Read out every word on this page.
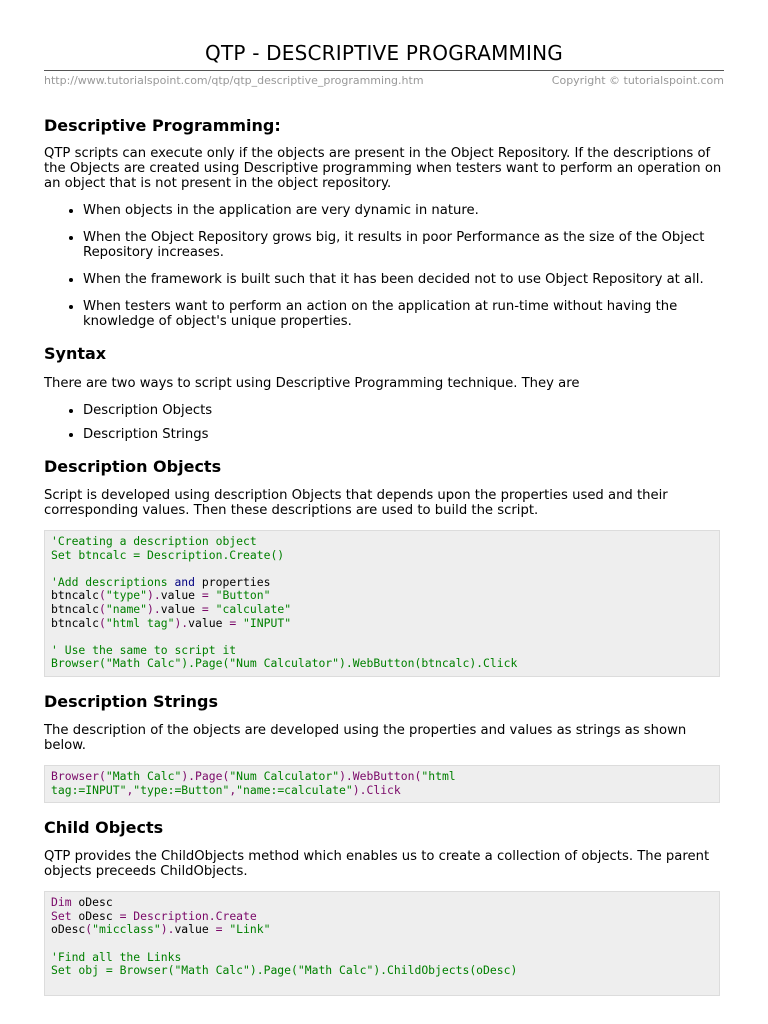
QTP - DESCRIPTIVE PROGRAMMING
http://www.tutorialspoint.com/qtp/qtp_descriptive_programming.htm	Copyright © tutorialspoint.com
Descriptive Programming:

QTP scripts can execute only if the objects are present in the Object Repository. If the descriptions of the Objects are created using Descriptive programming when testers want to perform an operation on an object that is not present in the object repository.

• When objects in the application are very dynamic in nature.
• When the Object Repository grows big, it results in poor Performance as the size of the Object Repository increases.
• When the framework is built such that it has been decided not to use Object Repository at all.
• When testers want to perform an action on the application at run-time without having the knowledge of object's unique properties.
Syntax

There are two ways to script using Descriptive Programming technique. They are

• Description Objects
• Description Strings
Description Objects

Script is developed using description Objects that depends upon the properties used and their corresponding values. Then these descriptions are used to build the script.

'Creating a description object
Set btncalc = Description.Create()

'Add descriptions and properties
btncalc("type").value = "Button"
btncalc("name").value = "calculate"
btncalc("html tag").value = "INPUT"

' Use the same to script it
Browser("Math Calc").Page("Num Calculator").WebButton(btncalc).Click
Description Strings

The description of the objects are developed using the properties and values as strings as shown below.

Browser("Math Calc").Page("Num Calculator").WebButton("html
tag:=INPUT","type:=Button","name:=calculate").Click
Child Objects

QTP provides the ChildObjects method which enables us to create a collection of objects. The parent objects preceeds ChildObjects.

Dim oDesc
Set oDesc = Description.Create
oDesc("micclass").value = "Link"

'Find all the Links
Set obj = Browser("Math Calc").Page("Math Calc").ChildObjects(oDesc)
